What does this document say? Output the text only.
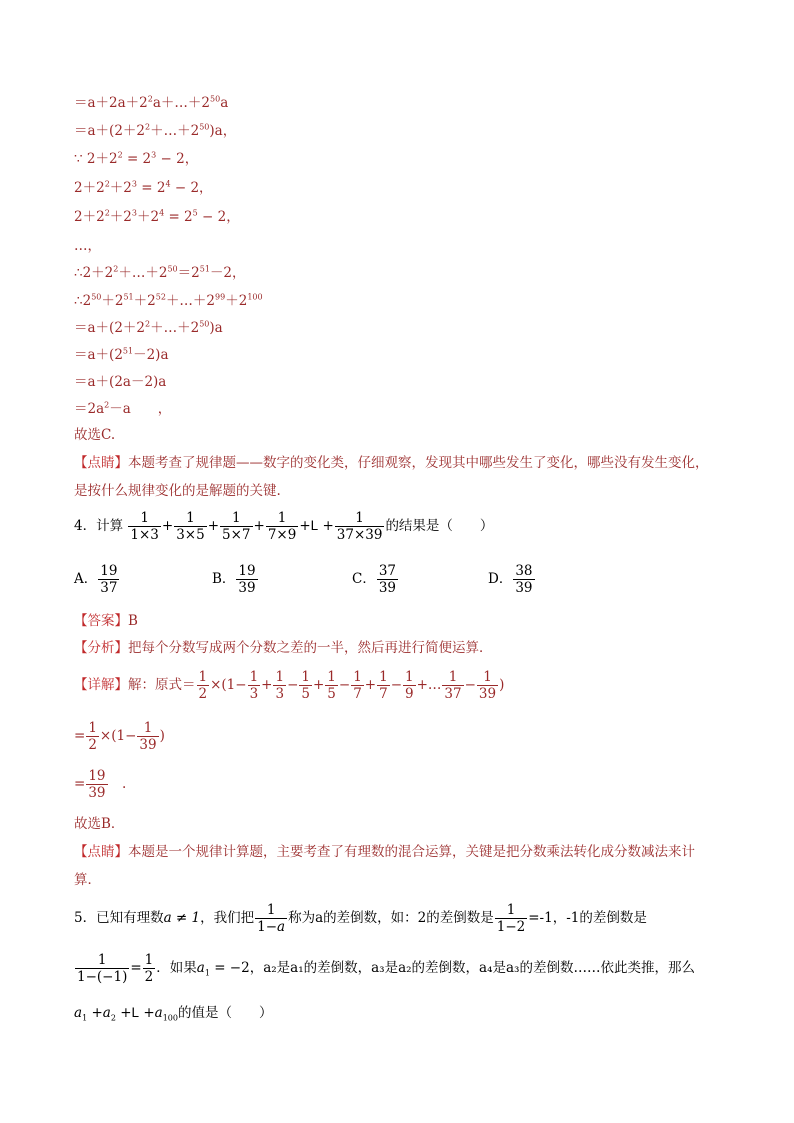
$=a+2a+2^2a+\dots+2^{50}a$
$=a+(2+2^2+\dots+2^{50})a$，
∵ $2+2^2 = 2^3 - 2$，
$2+2^2+2^3 = 2^4 - 2$，
$2+2^2+2^3+2^4 = 2^5 - 2$，
…，
$\therefore 2+2^2+\dots+2^{50}=2^{51}-2$，
$\therefore 2^{50}+2^{51}+2^{52}+\dots+2^{99}+2^{100}$
$=a+(2+2^2+\dots+2^{50})a$
$=a+(2^{51}-2)a$
＝a＋(2a－2)a
$=2a^2-a$　　，
故选C.
【点睛】本题考查了规律题——数字的变化类，仔细观察，发现其中哪些发生了变化，哪些没有发生变化，
是按什么规律变化的是解题的关键.
4．计算 $\frac{1}{1\times 3} + \frac{1}{3\times 5} + \frac{1}{5\times 7} + \frac{1}{7\times 9} +L + \frac{1}{37\times 39}$ 的结果是（　　）
A． $\frac{19}{37}$	B． $\frac{19}{39}$	C． $\frac{37}{39}$	D． $\frac{38}{39}$
【答案】B
【分析】把每个分数写成两个分数之差的一半，然后再进行简便运算．
【详解】解：原式＝ $\frac{1}{2} \times(1- \frac{1}{3} + \frac{1}{3} - \frac{1}{5} + \frac{1}{5} - \frac{1}{7} + \frac{1}{7} - \frac{1}{9}$ +… $\frac{1}{37} - \frac{1}{39}$ )
= $\frac{1}{2} \times(1- \frac{1}{39}$ )
= $\frac{19}{39}$ 　.
故选B．
【点睛】本题是一个规律计算题，主要考查了有理数的混合运算，关键是把分数乘法转化成分数减法来计
算．
5．已知有理数a ≠ 1，我们把 $\frac{1}{1-a}$ 称为a的差倒数，如：2的差倒数是 $\frac{1}{1-2} =-1$，-1的差倒数是
$\frac{1}{1-(-1)} = \frac{1}{2}$ ．如果$a_1 = -2$，a₂是a₁的差倒数，a₃是a₂的差倒数，a₄是a₃的差倒数……依此类推，那么
$a_1 +a_2 +L +a_{100}$的值是（　　）
